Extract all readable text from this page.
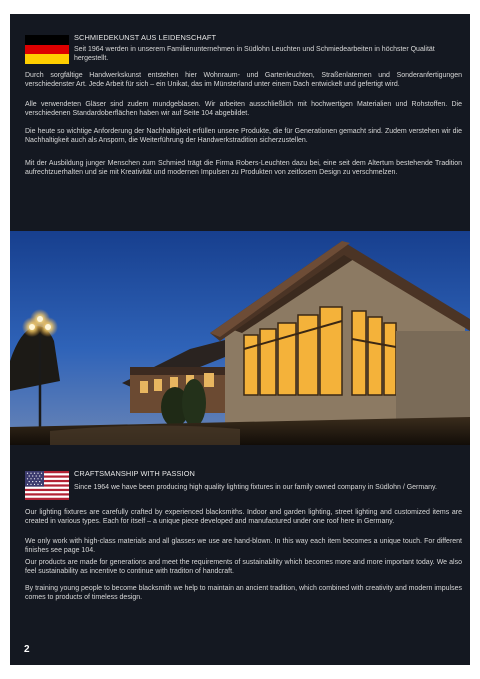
SCHMIEDEKUNST AUS LEIDENSCHAFT
Seit 1964 werden in unserem Familienunternehmen in Südlohn Leuchten und Schmiedearbeiten in höchster Qualität hergestellt.

Durch sorgfältige Handwerkskunst entstehen hier Wohnraum- und Gartenleuchten, Straßenlaternen und Sonderanfertigungen verschiedenster Art. Jede Arbeit für sich – ein Unikat, das im Münsterland unter einem Dach entwickelt und gefertigt wird.

Alle verwendeten Gläser sind zudem mundgeblasen. Wir arbeiten ausschließlich mit hochwertigen Materialien und Rohstoffen. Die verschiedenen Standardoberflächen haben wir auf Seite 104 abgebildet.

Die heute so wichtige Anforderung der Nachhaltigkeit erfüllen unsere Produkte, die für Generationen gemacht sind. Zudem verstehen wir die Nachhaltigkeit auch als Ansporn, die Weiterführung der Handwerkstradition sicherzustellen.

Mit der Ausbildung junger Menschen zum Schmied trägt die Firma Robers-Leuchten dazu bei, eine seit dem Altertum bestehende Tradition aufrechtzuerhalten und sie mit Kreativität und modernen Impulsen zu Produkten von zeitlosem Design zu verschmelzen.

CRAFTSMANSHIP WITH PASSION
Since 1964 we have been producing high quality lighting fixtures in our family owned company in Südlohn / Germany.

Our lighting fixtures are carefully crafted by experienced blacksmiths. Indoor and garden lighting, street lighting and customized items are created in various types. Each for itself – a unique piece developed and manufactured under one roof here in Germany.

We only work with high-class materials and all glasses we use are hand-blown. In this way each item becomes a unique touch. For different finishes see page 104.

Our products are made for generations and meet the requirements of sustainability which becomes more and more important today. We also feel sustainability as incentive to continue with traditon of handcraft.

By training young people to become blacksmith we help to maintain an ancient tradition, which combined with creativity and modern impulses comes to products of timeless design.

2
